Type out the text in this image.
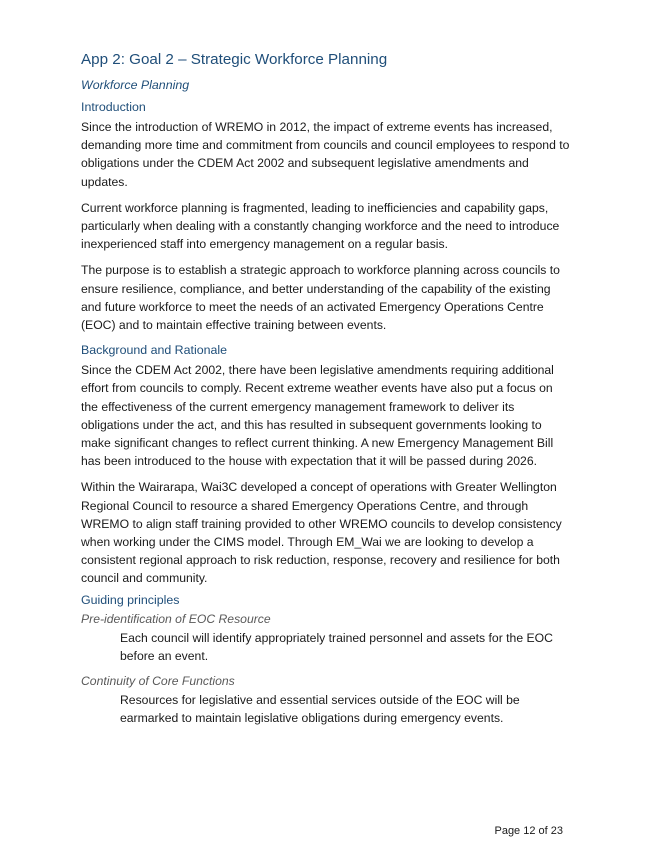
App 2: Goal 2 – Strategic Workforce Planning
Workforce Planning
Introduction

Since the introduction of WREMO in 2012, the impact of extreme events has increased, demanding more time and commitment from councils and council employees to respond to obligations under the CDEM Act 2002 and subsequent legislative amendments and updates.

Current workforce planning is fragmented, leading to inefficiencies and capability gaps, particularly when dealing with a constantly changing workforce and the need to introduce inexperienced staff into emergency management on a regular basis.

The purpose is to establish a strategic approach to workforce planning across councils to ensure resilience, compliance, and better understanding of the capability of the existing and future workforce to meet the needs of an activated Emergency Operations Centre (EOC) and to maintain effective training between events.

Background and Rationale

Since the CDEM Act 2002, there have been legislative amendments requiring additional effort from councils to comply. Recent extreme weather events have also put a focus on the effectiveness of the current emergency management framework to deliver its obligations under the act, and this has resulted in subsequent governments looking to make significant changes to reflect current thinking. A new Emergency Management Bill has been introduced to the house with expectation that it will be passed during 2026.

Within the Wairarapa, Wai3C developed a concept of operations with Greater Wellington Regional Council to resource a shared Emergency Operations Centre, and through WREMO to align staff training provided to other WREMO councils to develop consistency when working under the CIMS model. Through EM_Wai we are looking to develop a consistent regional approach to risk reduction, response, recovery and resilience for both council and community.

Guiding principles
Pre-identification of EOC Resource

Each council will identify appropriately trained personnel and assets for the EOC before an event.

Continuity of Core Functions

Resources for legislative and essential services outside of the EOC will be earmarked to maintain legislative obligations during emergency events.

Page 12 of 23
